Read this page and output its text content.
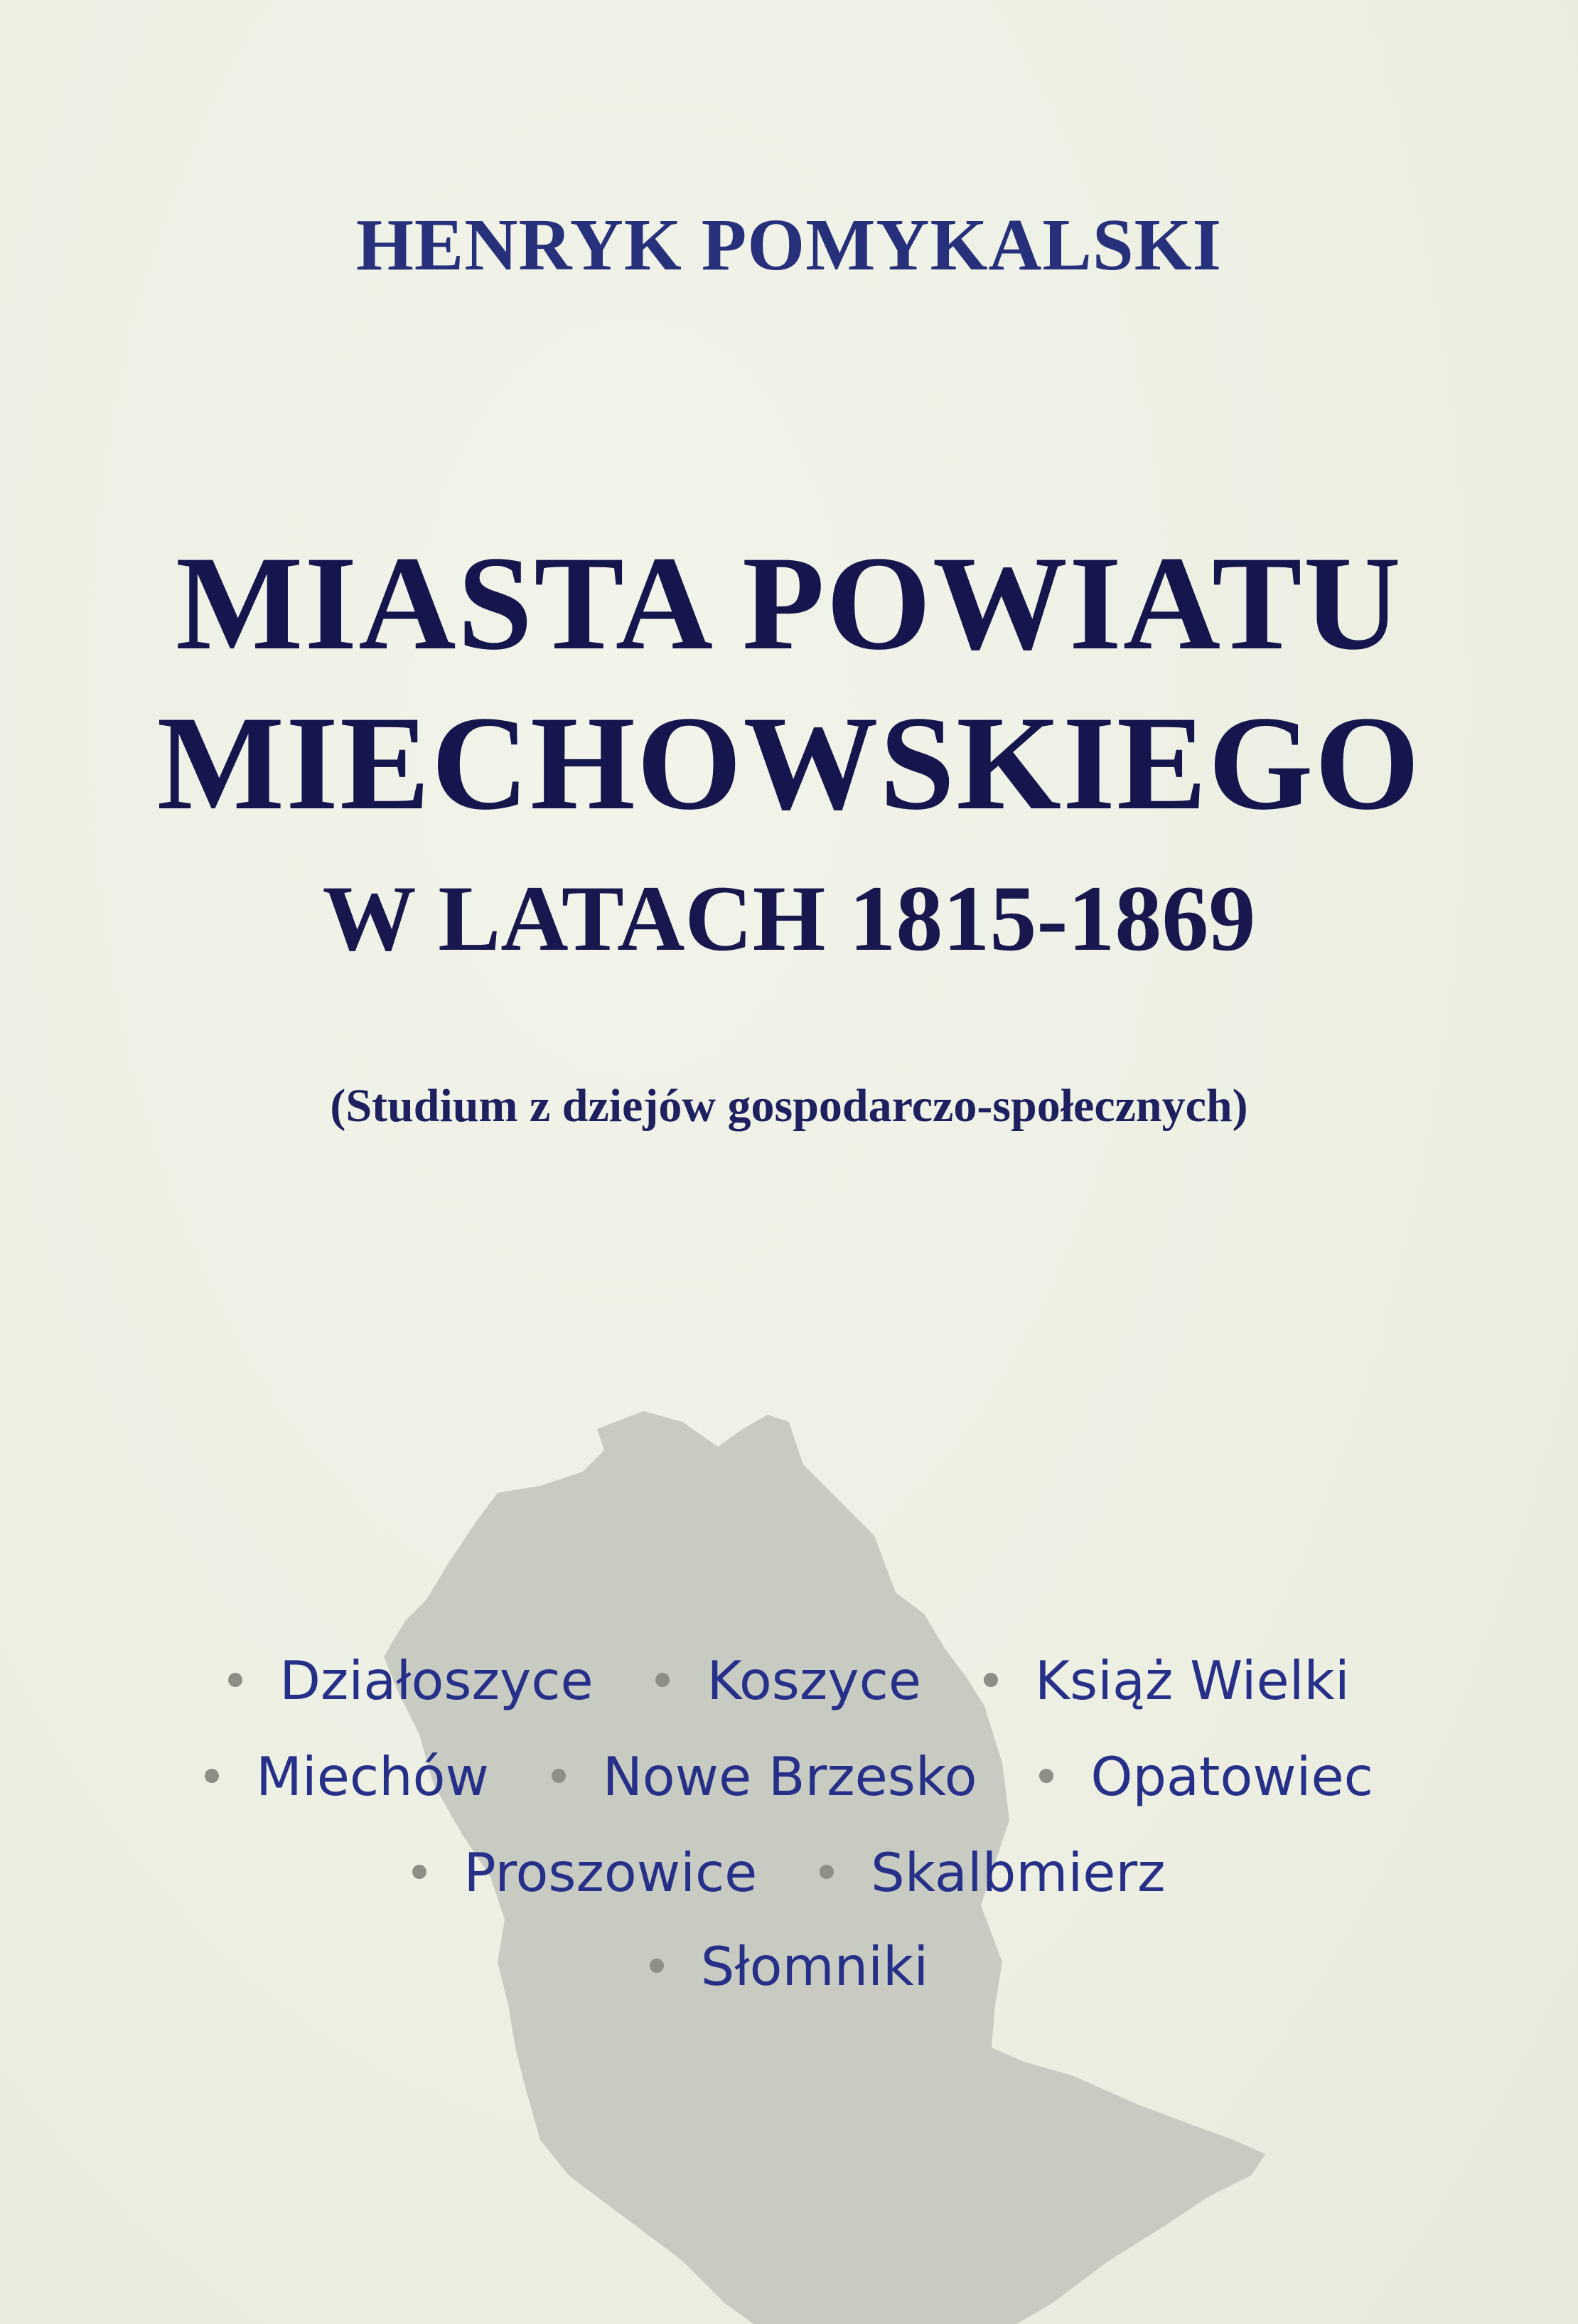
HENRYK POMYKALSKI
MIASTA POWIATU
MIECHOWSKIEGO
W LATACH 1815-1869
(Studium z dziejów gospodarczo-społecznych)
Działoszyce Koszyce Książ Wielki
Miechów Nowe Brzesko Opatowiec
Proszowice Skalbmierz
Słomniki
